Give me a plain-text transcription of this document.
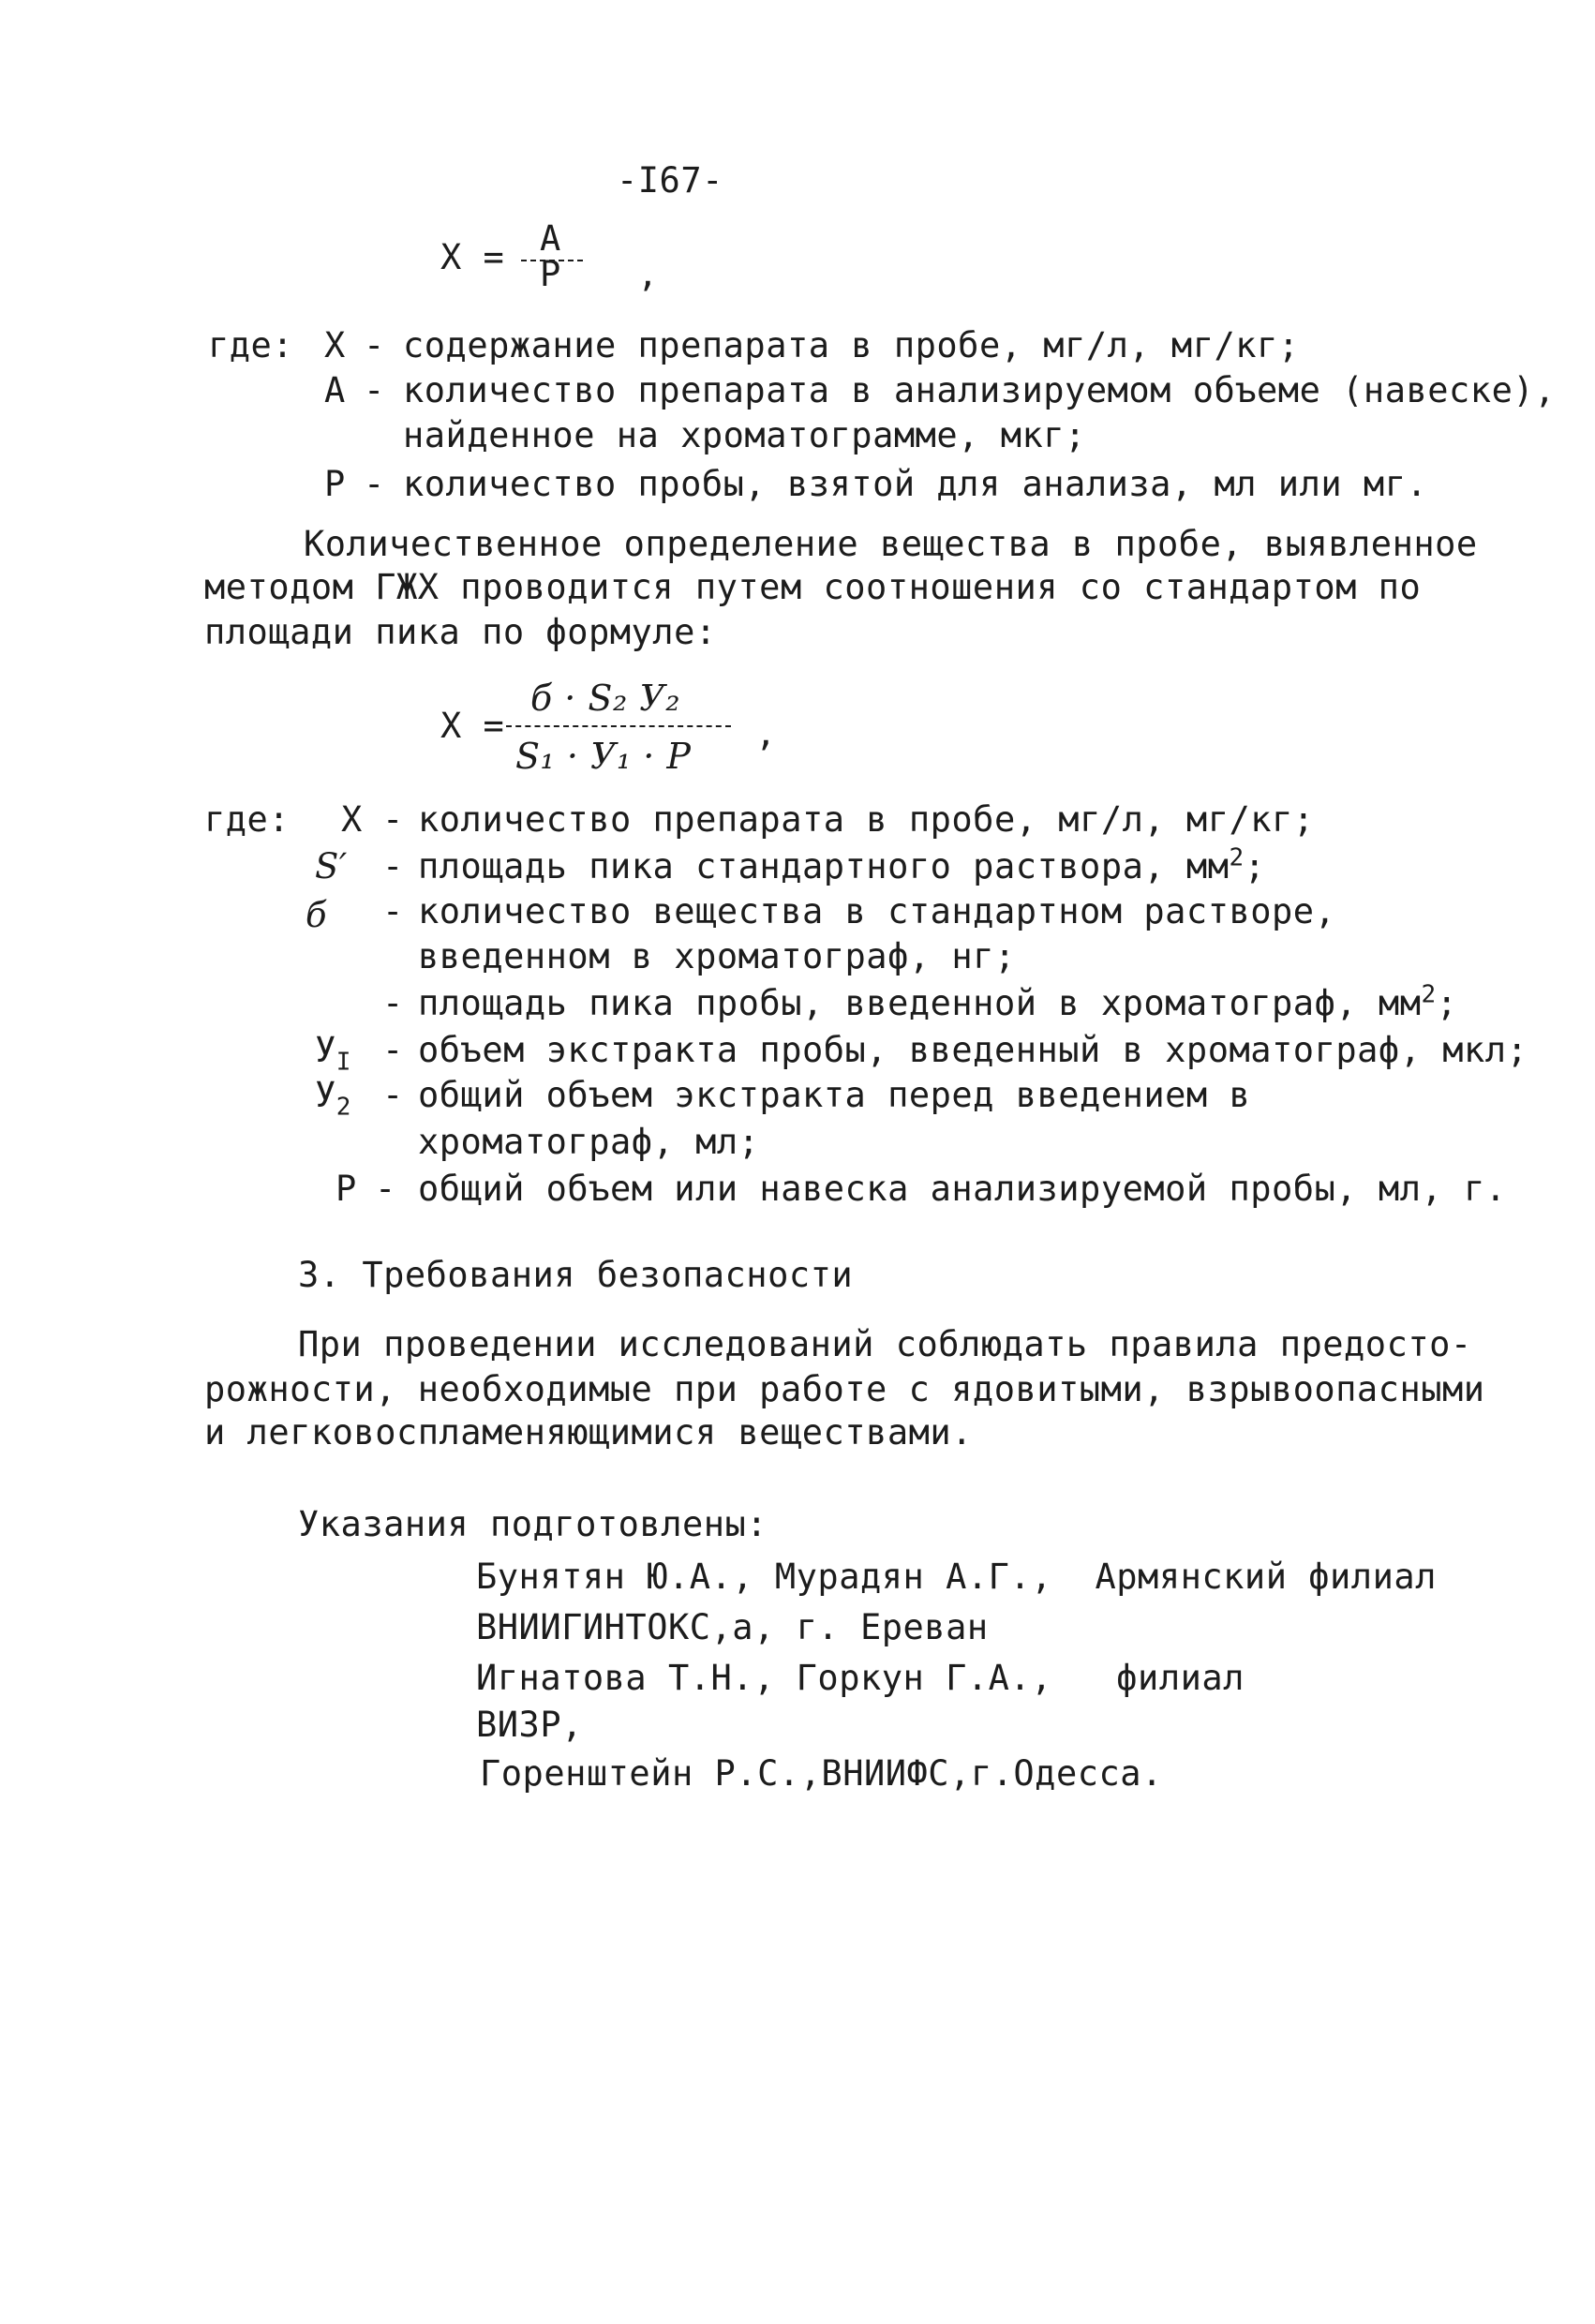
-I67-
X = A
P ,
где: X - содержание препарата в пробе, мг/л, мг/кг;
A - количество препарата в анализируемом объеме (навеске),
найденное на хроматограмме, мкг;
P - количество пробы, взятой для анализа, мл или мг.
Количественное определение вещества в пробе, выявленное
методом ГЖХ проводится путем соотношения со стандартом по
площади пика по формуле:
X =
б · S₂ У₂
S₁ · У₁ · P
,
где: X - количество препарата в пробе, мг/л, мг/кг;
S′ - площадь пика стандартного раствора, $мм^2$;
б - количество вещества в стандартном растворе,
введенном в хроматограф, нг;
- площадь пика пробы, введенной в хроматограф, $мм^2$;
$У_I$ - объем экстракта пробы, введенный в хроматограф, мкл;
$У_2$ - общий объем экстракта перед введением в
хроматограф, мл;
P - общий объем или навеска анализируемой пробы, мл, г.
3. Требования безопасности
При проведении исследований соблюдать правила предосто-
рожности, необходимые при работе с ядовитыми, взрывоопасными
и легковоспламеняющимися веществами.
Указания подготовлены:
Бунятян Ю.А., Мурадян А.Г.,  Армянский филиал
ВНИИГИНТОКС,а, г. Ереван
Игнатова Т.Н., Горкун Г.А.,   филиал
ВИЗР,
Горенштейн Р.С.,ВНИИФС,г.Одесса.
